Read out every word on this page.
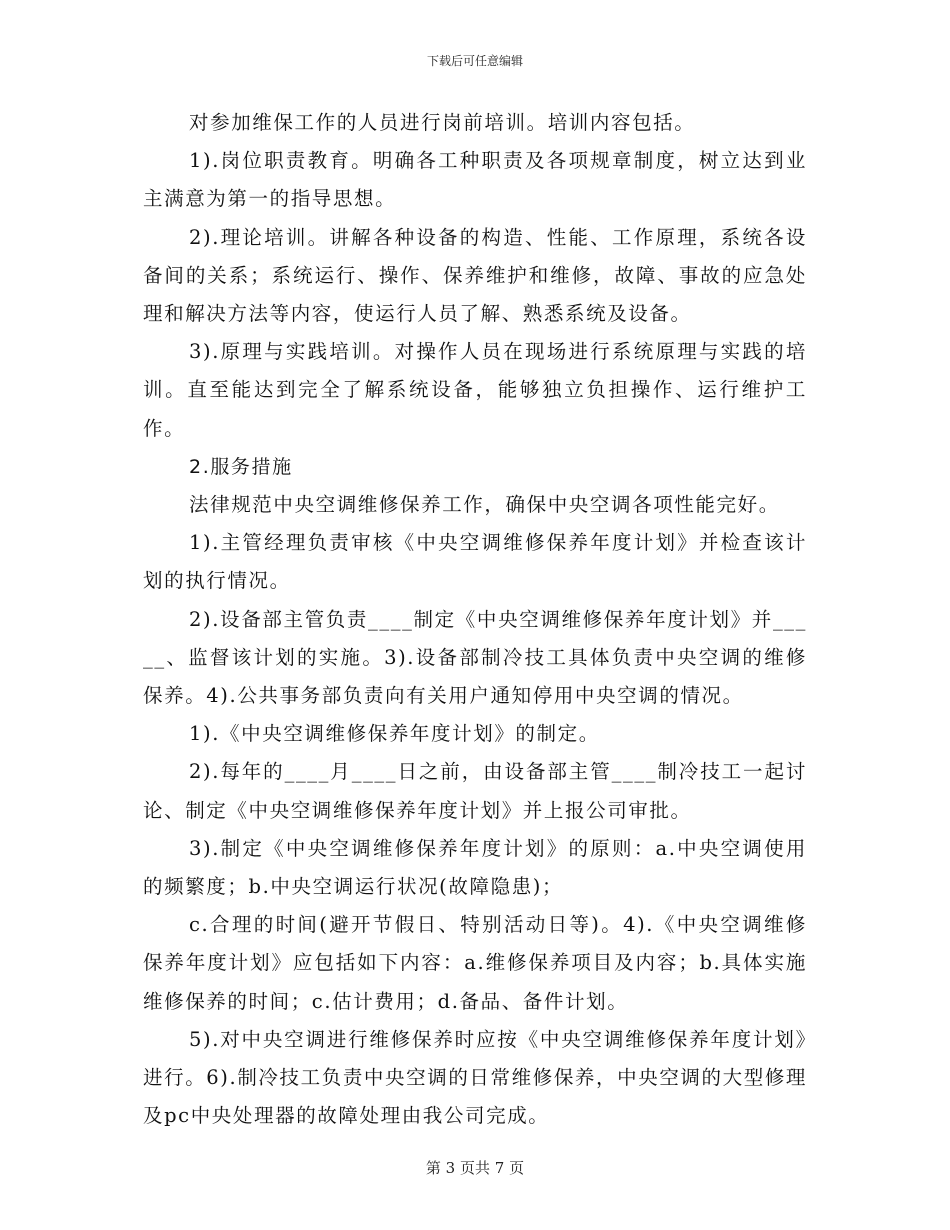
下载后可任意编辑

对参加维保工作的人员进行岗前培训。培训内容包括。

1).岗位职责教育。明确各工种职责及各项规章制度，树立达到业主满意为第一的指导思想。

2).理论培训。讲解各种设备的构造、性能、工作原理，系统各设备间的关系；系统运行、操作、保养维护和维修，故障、事故的应急处理和解决方法等内容，使运行人员了解、熟悉系统及设备。

3).原理与实践培训。对操作人员在现场进行系统原理与实践的培训。直至能达到完全了解系统设备，能够独立负担操作、运行维护工作。

2.服务措施

法律规范中央空调维修保养工作，确保中央空调各项性能完好。

1).主管经理负责审核《中央空调维修保养年度计划》并检查该计划的执行情况。

2).设备部主管负责____制定《中央空调维修保养年度计划》并_____、监督该计划的实施。3).设备部制冷技工具体负责中央空调的维修保养。4).公共事务部负责向有关用户通知停用中央空调的情况。

1).《中央空调维修保养年度计划》的制定。

2).每年的____月____日之前，由设备部主管____制冷技工一起讨论、制定《中央空调维修保养年度计划》并上报公司审批。

3).制定《中央空调维修保养年度计划》的原则：a.中央空调使用的频繁度；b.中央空调运行状况(故障隐患)；

c.合理的时间(避开节假日、特别活动日等)。4).《中央空调维修保养年度计划》应包括如下内容：a.维修保养项目及内容；b.具体实施维修保养的时间；c.估计费用；d.备品、备件计划。

5).对中央空调进行维修保养时应按《中央空调维修保养年度计划》进行。6).制冷技工负责中央空调的日常维修保养，中央空调的大型修理及pc中央处理器的故障处理由我公司完成。

第 3 页共 7 页
